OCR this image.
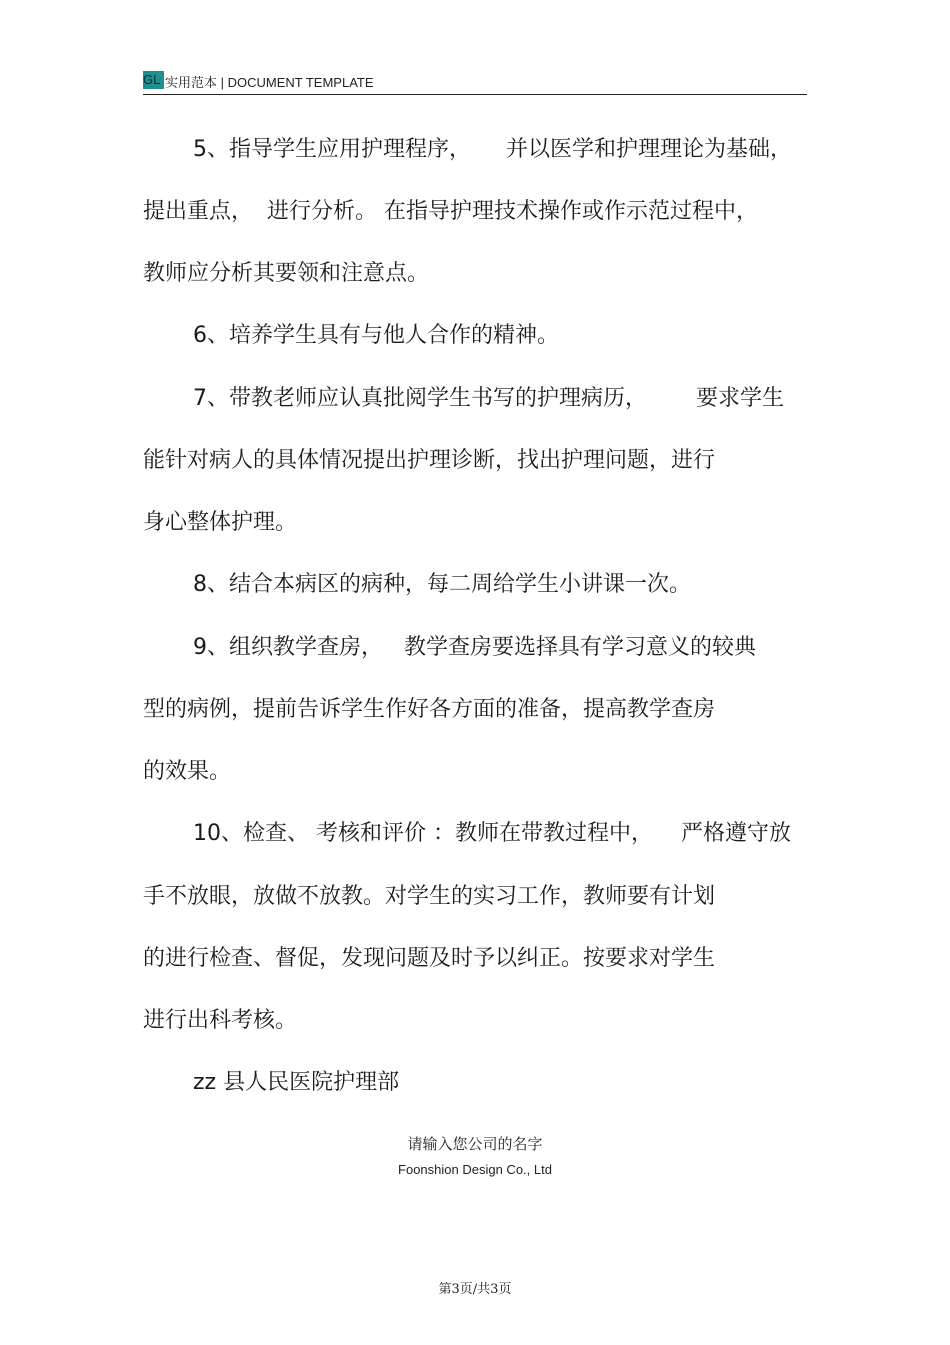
GL 实用范本 | DOCUMENT TEMPLATE
5、指导学生应用护理程序，     并以医学和护理理论为基础，
提出重点，  进行分析。 在指导护理技术操作或作示范过程中，
教师应分析其要领和注意点。
6、培养学生具有与他人合作的精神。
7、带教老师应认真批阅学生书写的护理病历，       要求学生
能针对病人的具体情况提出护理诊断，找出护理问题，进行
身心整体护理。
8、结合本病区的病种，每二周给学生小讲课一次。
9、组织教学查房，   教学查房要选择具有学习意义的较典
型的病例，提前告诉学生作好各方面的准备，提高教学查房
的效果。
10、检查、 考核和评价 ：教师在带教过程中，    严格遵守放
手不放眼，放做不放教。对学生的实习工作，教师要有计划
的进行检查、督促，发现问题及时予以纠正。按要求对学生
进行出科考核。
zz 县人民医院护理部
请输入您公司的名字
Foonshion Design Co., Ltd
第3页/共3页
